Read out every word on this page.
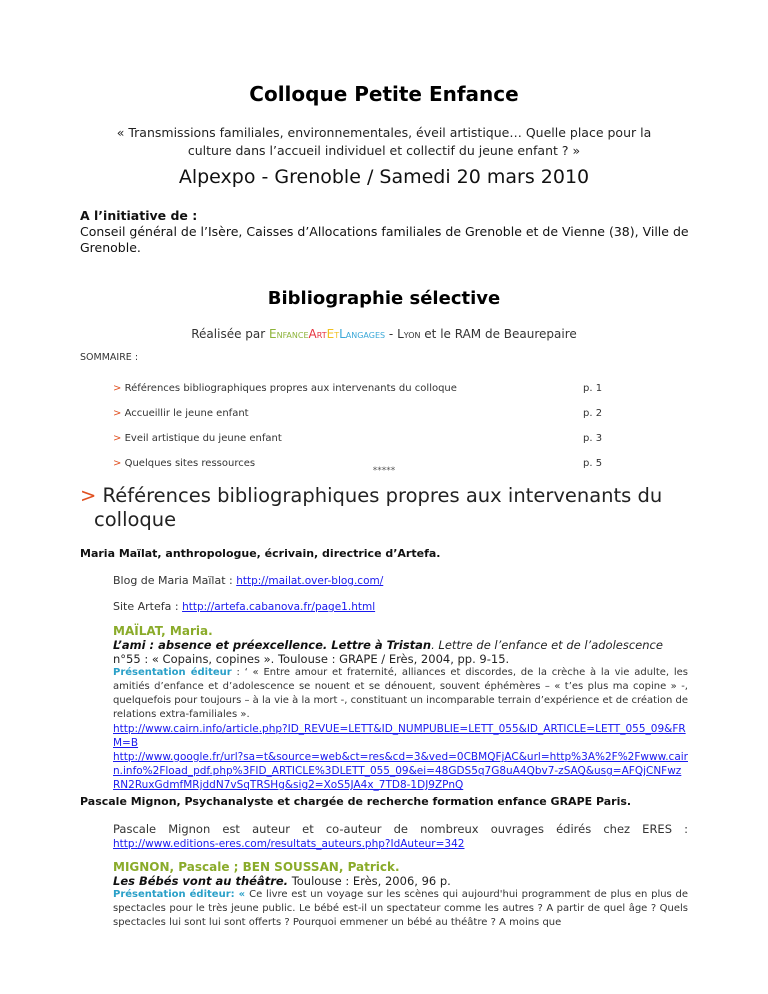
Colloque Petite Enfance
« Transmissions familiales, environnementales, éveil artistique… Quelle place pour la culture dans l’accueil individuel et collectif du jeune enfant ? »
Alpexpo - Grenoble / Samedi 20 mars 2010
A l’initiative de :
Conseil général de l’Isère, Caisses d’Allocations familiales de Grenoble et de Vienne (38), Ville de Grenoble.
Bibliographie sélective
Réalisée par EnfanceArtEtLangages - Lyon et le RAM de Beaurepaire
SOMMAIRE :
> Références bibliographiques propres aux intervenants du colloque	p. 1
> Accueillir le jeune enfant	p. 2
> Eveil artistique du jeune enfant	p. 3
> Quelques sites ressources	p. 5
*****
> Références bibliographiques propres aux intervenants du colloque
Maria Maïlat, anthropologue, écrivain, directrice d’Artefa.
Blog de Maria Maïlat : http://mailat.over-blog.com/
Site Artefa : http://artefa.cabanova.fr/page1.html
MAÏLAT, Maria.
L’ami : absence et préexcellence. Lettre à Tristan. Lettre de l’enfance et de l’adolescence n°55 : « Copains, copines ». Toulouse : GRAPE / Erès, 2004, pp. 9-15.
Présentation éditeur : ‘ « Entre amour et fraternité, alliances et discordes, de la crèche à la vie adulte, les amitiés d’enfance et d’adolescence se nouent et se dénouent, souvent éphémères – « t’es plus ma copine » -, quelquefois pour toujours – à la vie à la mort -, constituant un incomparable terrain d’expérience et de création de relations extra-familiales ».
http://www.cairn.info/article.php?ID_REVUE=LETT&ID_NUMPUBLIE=LETT_055&ID_ARTICLE=LETT_055_09&FRM=B
http://www.google.fr/url?sa=t&source=web&ct=res&cd=3&ved=0CBMQFjAC&url=http%3A%2F%2Fwww.cairn.info%2Fload_pdf.php%3FID_ARTICLE%3DLETT_055_09&ei=48GDS5q7G8uA4Qbv7-zSAQ&usg=AFQjCNFwzRN2RuxGdmfMRjddN7vSqTRSHg&sig2=XoS5JA4x_7TD8-1DJ9ZPnQ
Pascale Mignon, Psychanalyste et chargée de recherche formation enfance GRAPE Paris.
Pascale Mignon est auteur et co-auteur de nombreux ouvrages édirés chez ERES : http://www.editions-eres.com/resultats_auteurs.php?IdAuteur=342
MIGNON, Pascale ; BEN SOUSSAN, Patrick.
Les Bébés vont au théâtre. Toulouse : Erès, 2006, 96 p.
Présentation éditeur: « Ce livre est un voyage sur les scènes qui aujourd'hui programment de plus en plus de spectacles pour le très jeune public. Le bébé est-il un spectateur comme les autres ? A partir de quel âge ? Quels spectacles lui sont lui sont offerts ? Pourquoi emmener un bébé au théâtre ? A moins que
